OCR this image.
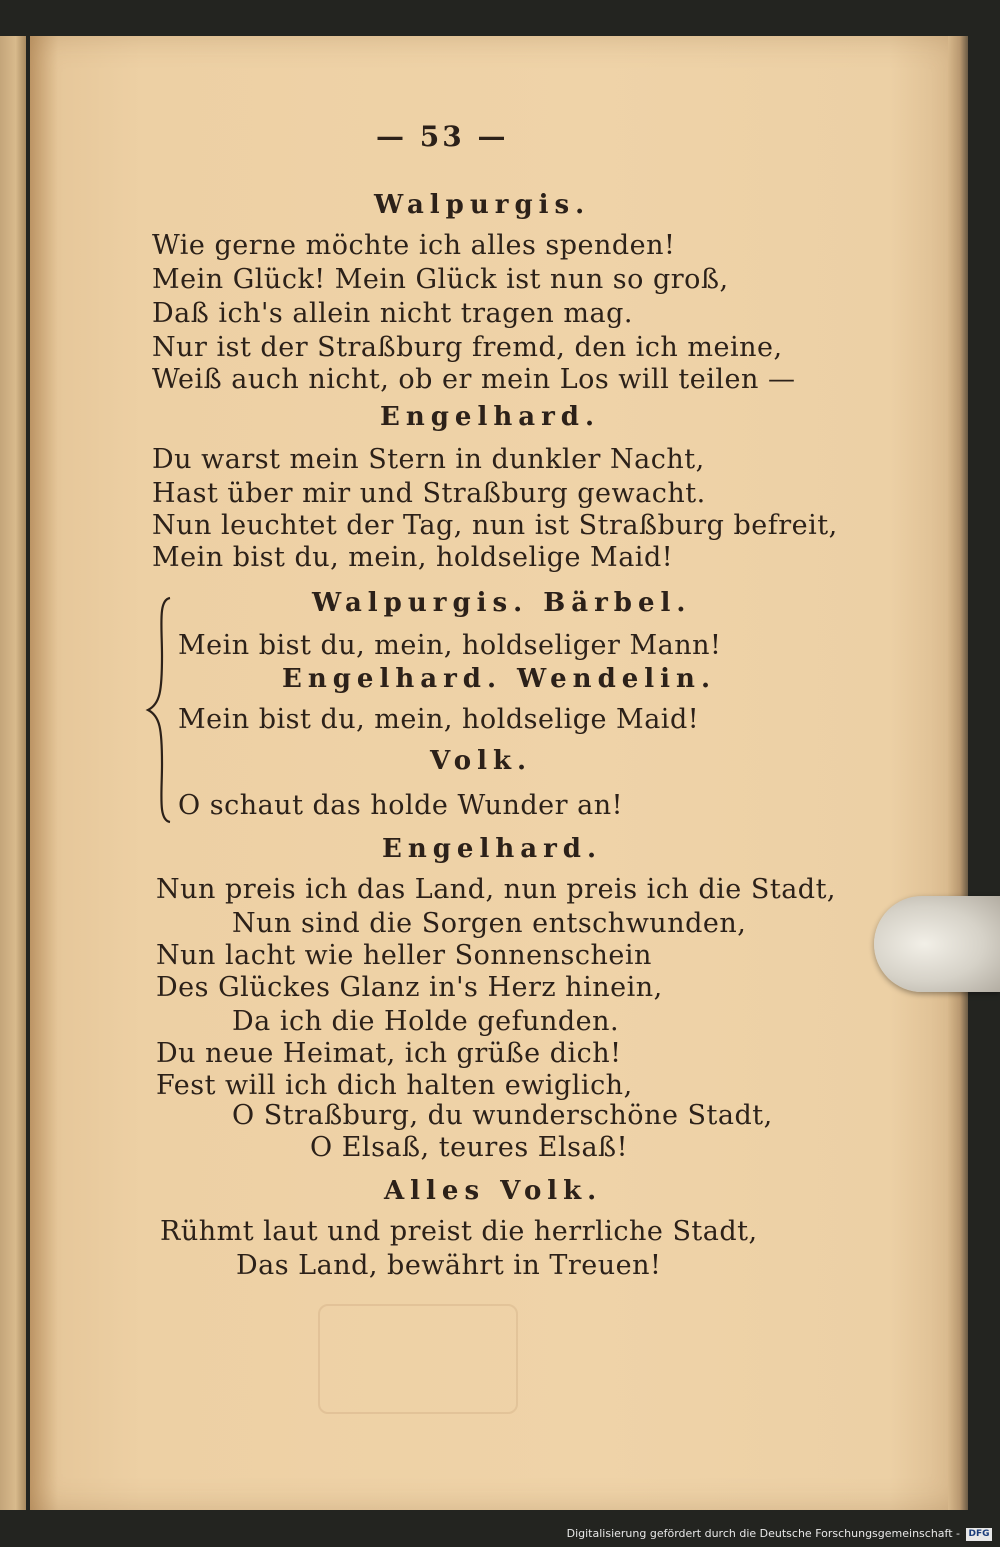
— 53 —

Walpurgis.

Wie gerne möchte ich alles spenden!

Mein Glück! Mein Glück ist nun so groß,

Daß ich's allein nicht tragen mag.

Nur ist der Straßburg fremd, den ich meine,

Weiß auch nicht, ob er mein Los will teilen —

Engelhard.

Du warst mein Stern in dunkler Nacht,

Hast über mir und Straßburg gewacht.

Nun leuchtet der Tag, nun ist Straßburg befreit,

Mein bist du, mein, holdselige Maid!

Walpurgis. Bärbel.

Mein bist du, mein, holdseliger Mann!

Engelhard. Wendelin.

Mein bist du, mein, holdselige Maid!

Volk.

O schaut das holde Wunder an!

Engelhard.

Nun preis ich das Land, nun preis ich die Stadt,

Nun sind die Sorgen entschwunden,

Nun lacht wie heller Sonnenschein

Des Glückes Glanz in's Herz hinein,

Da ich die Holde gefunden.

Du neue Heimat, ich grüße dich!

Fest will ich dich halten ewiglich,

O Straßburg, du wunderschöne Stadt,

O Elsaß, teures Elsaß!

Alles Volk.

Rühmt laut und preist die herrliche Stadt,

Das Land, bewährt in Treuen!

Digitalisierung gefördert durch die Deutsche Forschungsgemeinschaft - DFG
